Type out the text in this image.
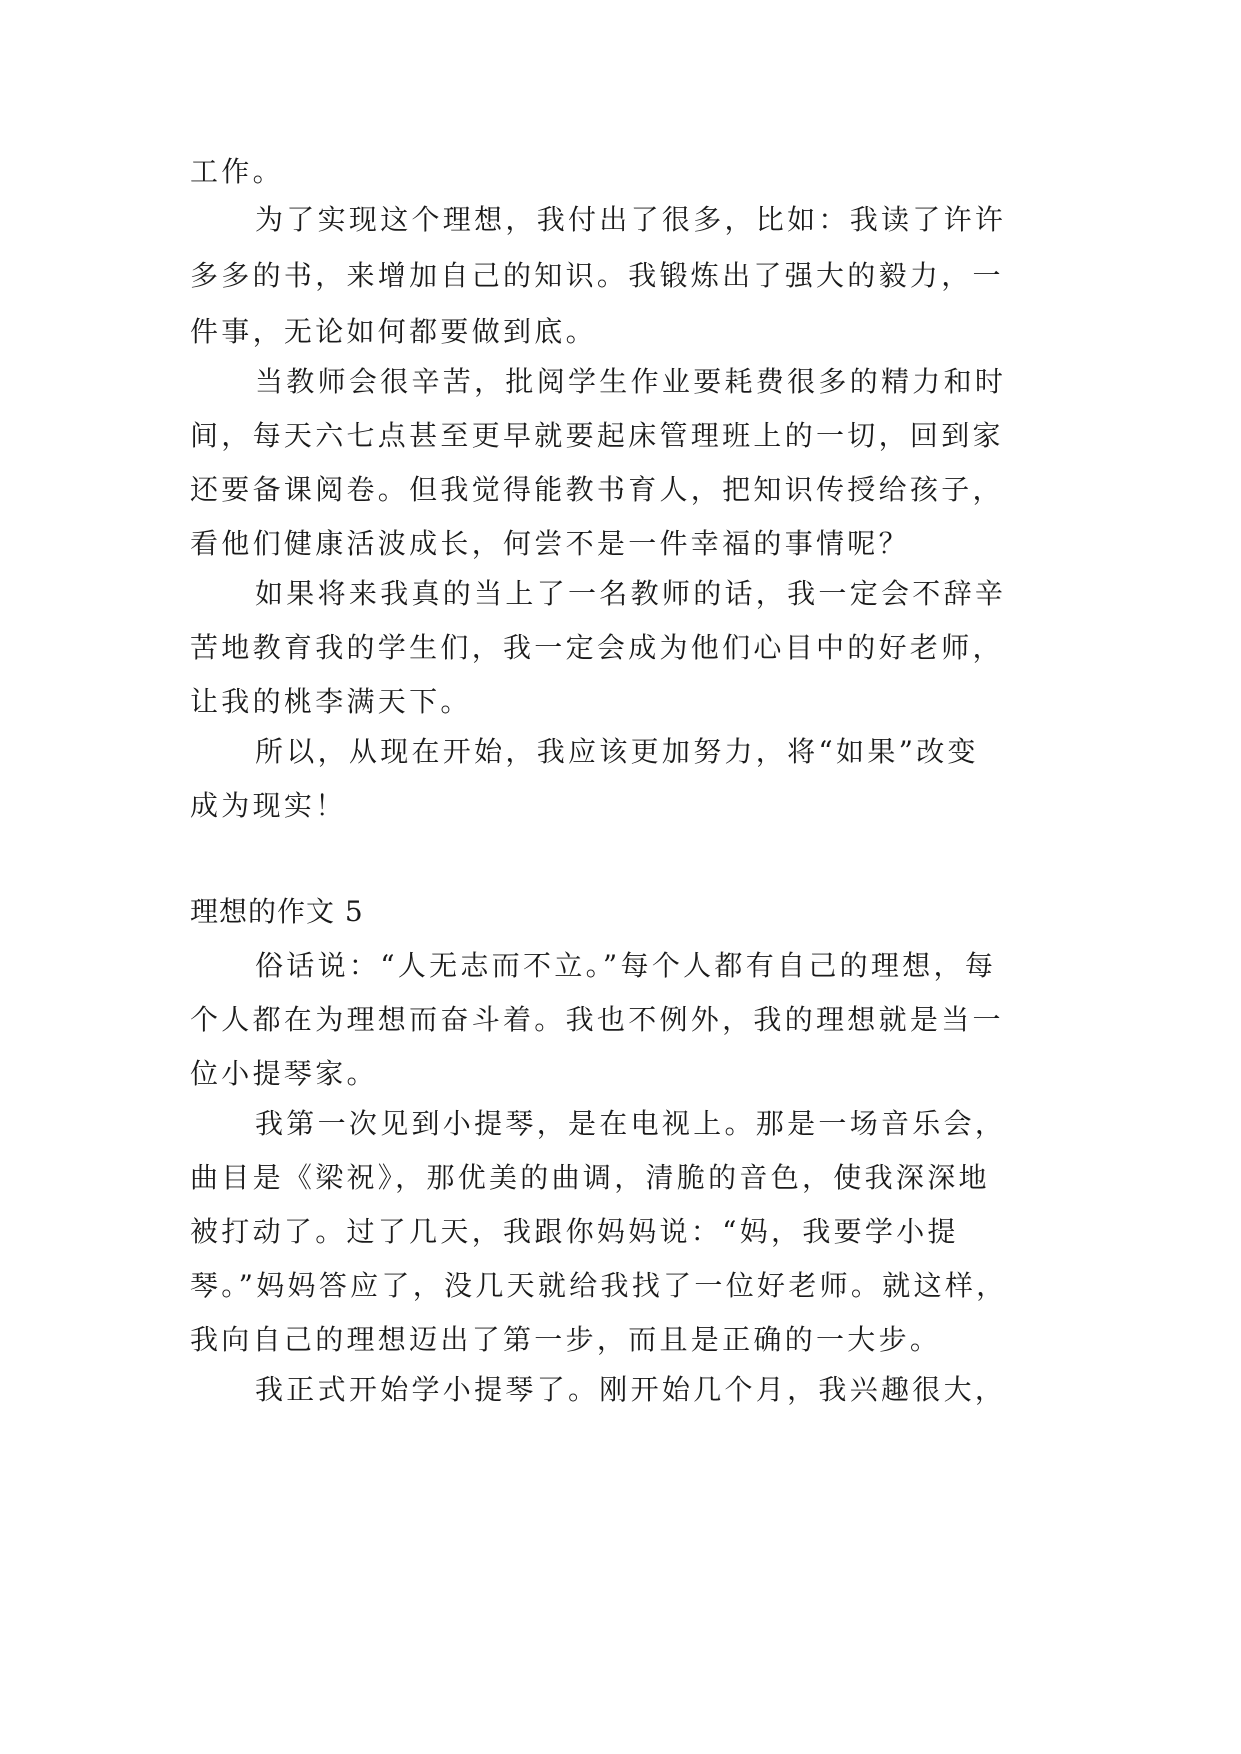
工作。
为了实现这个理想，我付出了很多，比如：我读了许许
多多的书，来增加自己的知识。我锻炼出了强大的毅力，一
件事，无论如何都要做到底。
当教师会很辛苦，批阅学生作业要耗费很多的精力和时
间，每天六七点甚至更早就要起床管理班上的一切，回到家
还要备课阅卷。但我觉得能教书育人，把知识传授给孩子，
看他们健康活波成长，何尝不是一件幸福的事情呢？
如果将来我真的当上了一名教师的话，我一定会不辞辛
苦地教育我的学生们，我一定会成为他们心目中的好老师，
让我的桃李满天下。
所以，从现在开始，我应该更加努力，将“如果”改变
成为现实！
理想的作文 5
俗话说：“人无志而不立。”每个人都有自己的理想，每
个人都在为理想而奋斗着。我也不例外，我的理想就是当一
位小提琴家。
我第一次见到小提琴，是在电视上。那是一场音乐会，
曲目是《梁祝》，那优美的曲调，清脆的音色，使我深深地
被打动了。过了几天，我跟你妈妈说：“妈，我要学小提
琴。”妈妈答应了，没几天就给我找了一位好老师。就这样，
我向自己的理想迈出了第一步，而且是正确的一大步。
我正式开始学小提琴了。刚开始几个月，我兴趣很大，
